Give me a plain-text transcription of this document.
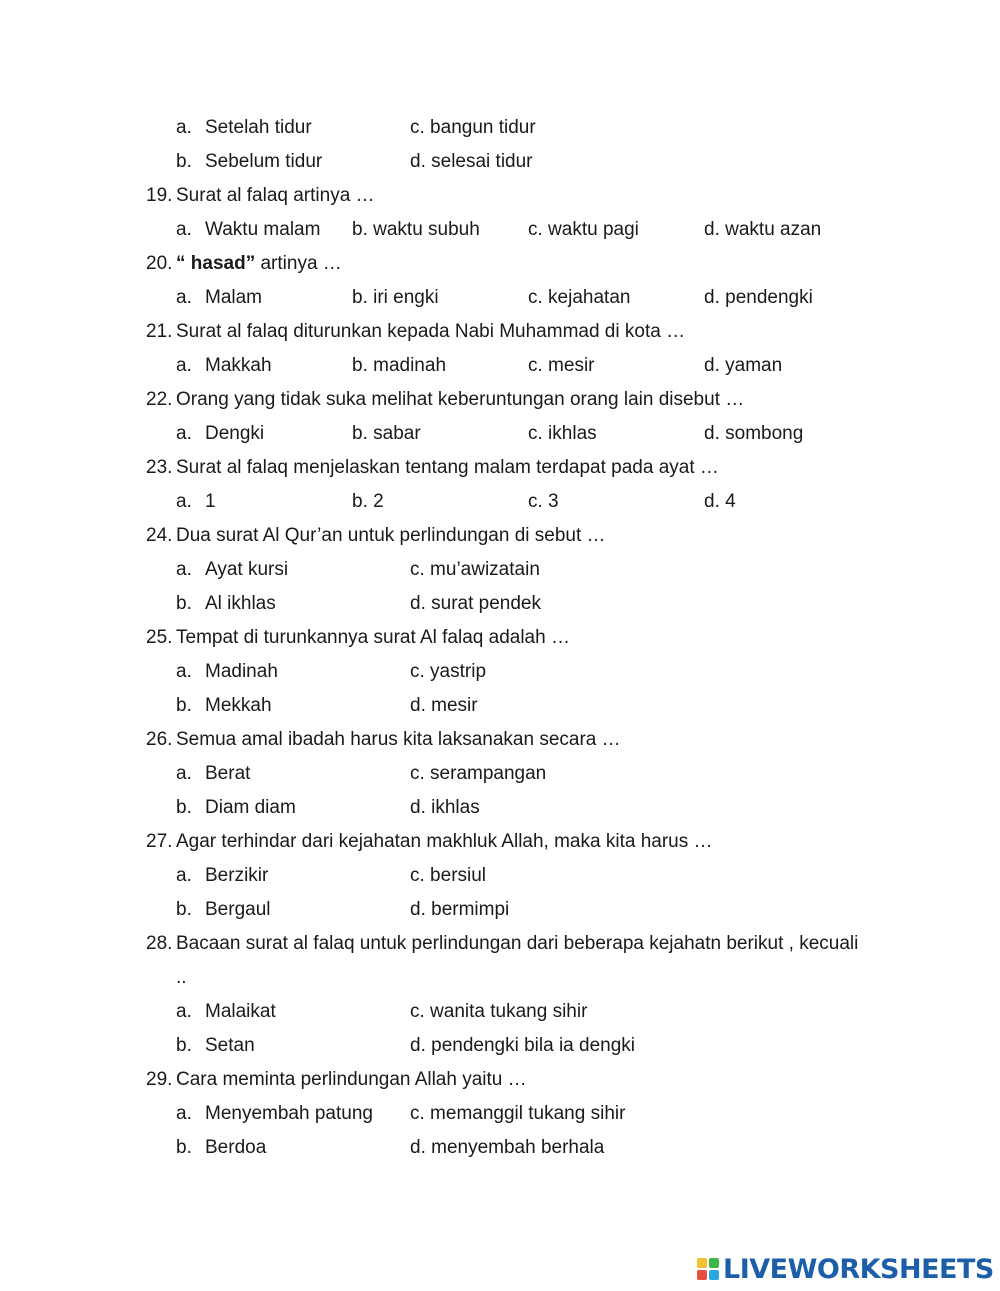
a. Setelah tidur	c. bangun tidur
b. Sebelum tidur	d. selesai tidur
19. Surat al falaq artinya …
a. Waktu malam b. waktu subuh	c. waktu pagi	d. waktu azan
20. “ hasad” artinya …
a. Malam	b. iri engki	c. kejahatan	d. pendengki
21. Surat al falaq diturunkan kepada Nabi Muhammad di kota …
a. Makkah	b. madinah	c. mesir	d. yaman
22. Orang yang tidak suka melihat keberuntungan orang lain disebut …
a. Dengki	b. sabar	c. ikhlas	d. sombong
23. Surat al falaq menjelaskan tentang malam terdapat pada ayat …
a. 1	b. 2	c. 3	d. 4
24. Dua surat Al Qur’an untuk perlindungan di sebut …
a. Ayat kursi	c. mu’awizatain
b. Al ikhlas	d. surat pendek
25. Tempat di turunkannya surat Al falaq adalah …
a. Madinah	c. yastrip
b. Mekkah	d. mesir
26. Semua amal ibadah harus kita laksanakan secara …
a. Berat	c. serampangan
b. Diam diam	d. ikhlas
27. Agar terhindar dari kejahatan makhluk Allah, maka kita harus …
a. Berzikir	c. bersiul
b. Bergaul	d. bermimpi
28. Bacaan surat al falaq untuk perlindungan dari beberapa kejahatn berikut , kecuali
..
a. Malaikat	c. wanita tukang sihir
b. Setan	d. pendengki bila ia dengki
29. Cara meminta perlindungan Allah yaitu …
a. Menyembah patung c. memanggil tukang sihir
b. Berdoa	d. menyembah berhala
LIVEWORKSHEETS
